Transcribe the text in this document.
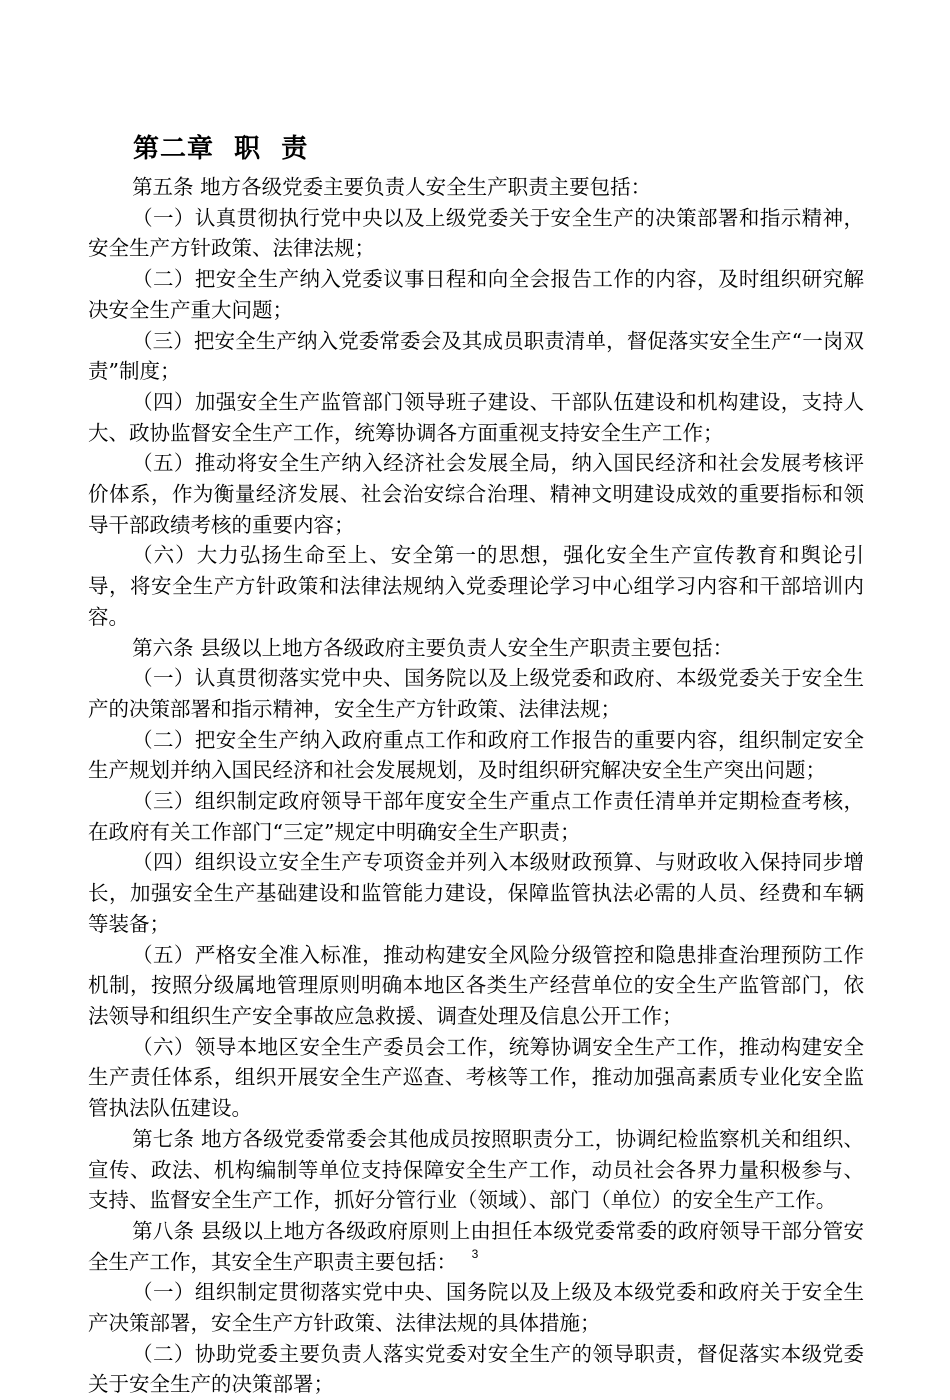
第二章  职  责

第五条 地方各级党委主要负责人安全生产职责主要包括：

（一）认真贯彻执行党中央以及上级党委关于安全生产的决策部署和指示精神，安全生产方针政策、法律法规；

（二）把安全生产纳入党委议事日程和向全会报告工作的内容，及时组织研究解决安全生产重大问题；

（三）把安全生产纳入党委常委会及其成员职责清单，督促落实安全生产“一岗双责”制度；

（四）加强安全生产监管部门领导班子建设、干部队伍建设和机构建设，支持人大、政协监督安全生产工作，统筹协调各方面重视支持安全生产工作；

（五）推动将安全生产纳入经济社会发展全局，纳入国民经济和社会发展考核评价体系，作为衡量经济发展、社会治安综合治理、精神文明建设成效的重要指标和领导干部政绩考核的重要内容；

（六）大力弘扬生命至上、安全第一的思想，强化安全生产宣传教育和舆论引导，将安全生产方针政策和法律法规纳入党委理论学习中心组学习内容和干部培训内容。

第六条 县级以上地方各级政府主要负责人安全生产职责主要包括：

（一）认真贯彻落实党中央、国务院以及上级党委和政府、本级党委关于安全生产的决策部署和指示精神，安全生产方针政策、法律法规；

（二）把安全生产纳入政府重点工作和政府工作报告的重要内容，组织制定安全生产规划并纳入国民经济和社会发展规划，及时组织研究解决安全生产突出问题；

（三）组织制定政府领导干部年度安全生产重点工作责任清单并定期检查考核，在政府有关工作部门“三定”规定中明确安全生产职责；

（四）组织设立安全生产专项资金并列入本级财政预算、与财政收入保持同步增长，加强安全生产基础建设和监管能力建设，保障监管执法必需的人员、经费和车辆等装备；

（五）严格安全准入标准，推动构建安全风险分级管控和隐患排查治理预防工作机制，按照分级属地管理原则明确本地区各类生产经营单位的安全生产监管部门，依法领导和组织生产安全事故应急救援、调查处理及信息公开工作；

（六）领导本地区安全生产委员会工作，统筹协调安全生产工作，推动构建安全生产责任体系，组织开展安全生产巡查、考核等工作，推动加强高素质专业化安全监管执法队伍建设。

第七条 地方各级党委常委会其他成员按照职责分工，协调纪检监察机关和组织、宣传、政法、机构编制等单位支持保障安全生产工作，动员社会各界力量积极参与、支持、监督安全生产工作，抓好分管行业（领域）、部门（单位）的安全生产工作。

第八条 县级以上地方各级政府原则上由担任本级党委常委的政府领导干部分管安全生产工作，其安全生产职责主要包括：

（一）组织制定贯彻落实党中央、国务院以及上级及本级党委和政府关于安全生产决策部署，安全生产方针政策、法律法规的具体措施；

（二）协助党委主要负责人落实党委对安全生产的领导职责，督促落实本级党委关于安全生产的决策部署；

3
